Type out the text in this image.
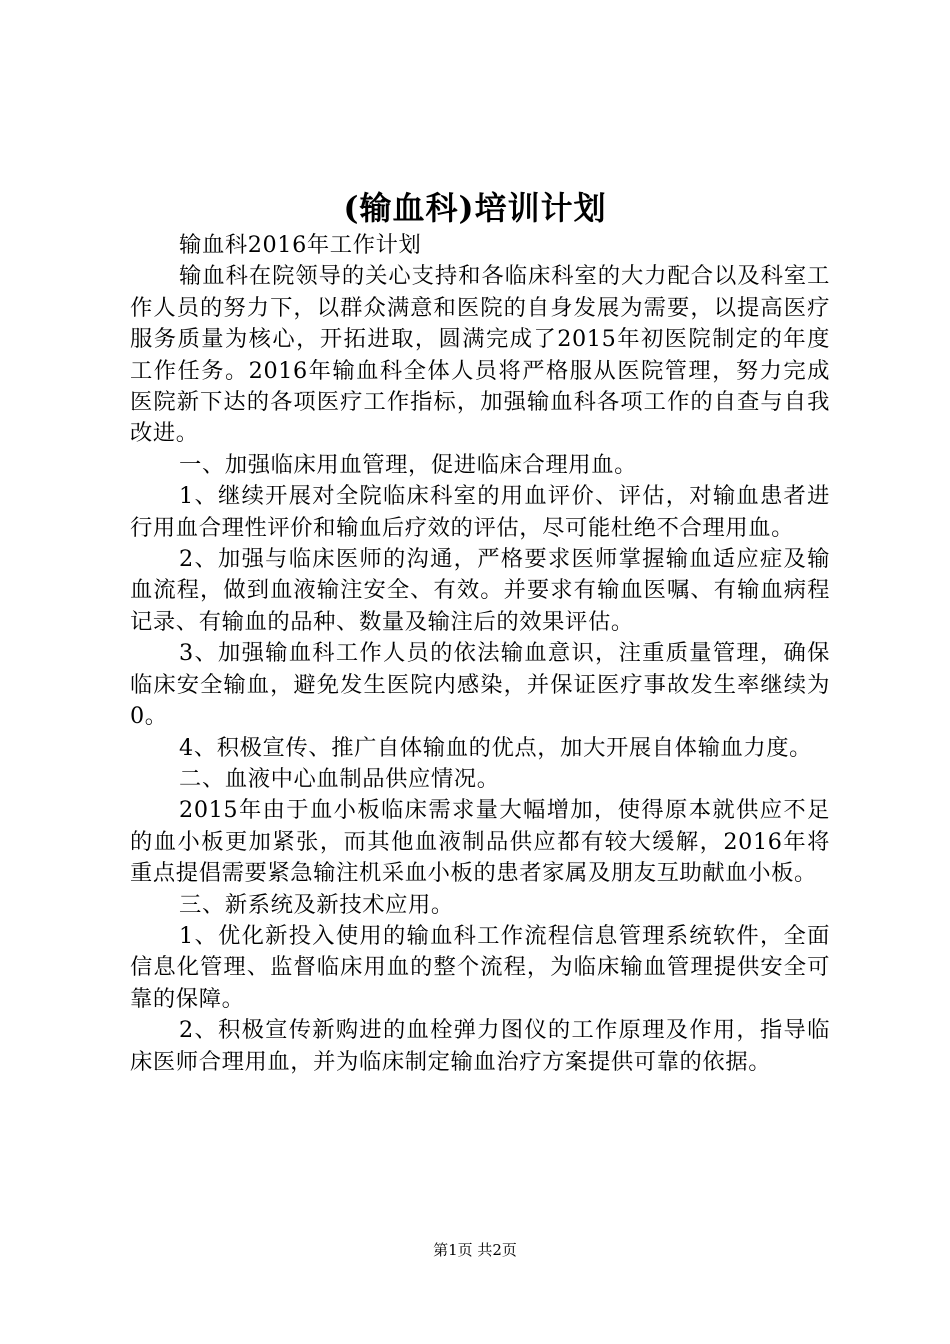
(输血科)培训计划

输血科2016年工作计划

输血科在院领导的关心支持和各临床科室的大力配合以及科室工作人员的努力下，以群众满意和医院的自身发展为需要，以提高医疗服务质量为核心，开拓进取，圆满完成了2015年初医院制定的年度工作任务。2016年输血科全体人员将严格服从医院管理，努力完成医院新下达的各项医疗工作指标，加强输血科各项工作的自查与自我改进。

一、加强临床用血管理，促进临床合理用血。

1、继续开展对全院临床科室的用血评价、评估，对输血患者进行用血合理性评价和输血后疗效的评估，尽可能杜绝不合理用血。

2、加强与临床医师的沟通，严格要求医师掌握输血适应症及输血流程，做到血液输注安全、有效。并要求有输血医嘱、有输血病程记录、有输血的品种、数量及输注后的效果评估。

3、加强输血科工作人员的依法输血意识，注重质量管理，确保临床安全输血，避免发生医院内感染，并保证医疗事故发生率继续为0。

4、积极宣传、推广自体输血的优点，加大开展自体输血力度。

二、血液中心血制品供应情况。

2015年由于血小板临床需求量大幅增加，使得原本就供应不足的血小板更加紧张，而其他血液制品供应都有较大缓解，2016年将重点提倡需要紧急输注机采血小板的患者家属及朋友互助献血小板。

三、新系统及新技术应用。

1、优化新投入使用的输血科工作流程信息管理系统软件，全面信息化管理、监督临床用血的整个流程，为临床输血管理提供安全可靠的保障。

2、积极宣传新购进的血栓弹力图仪的工作原理及作用，指导临床医师合理用血，并为临床制定输血治疗方案提供可靠的依据。

第1页 共2页
